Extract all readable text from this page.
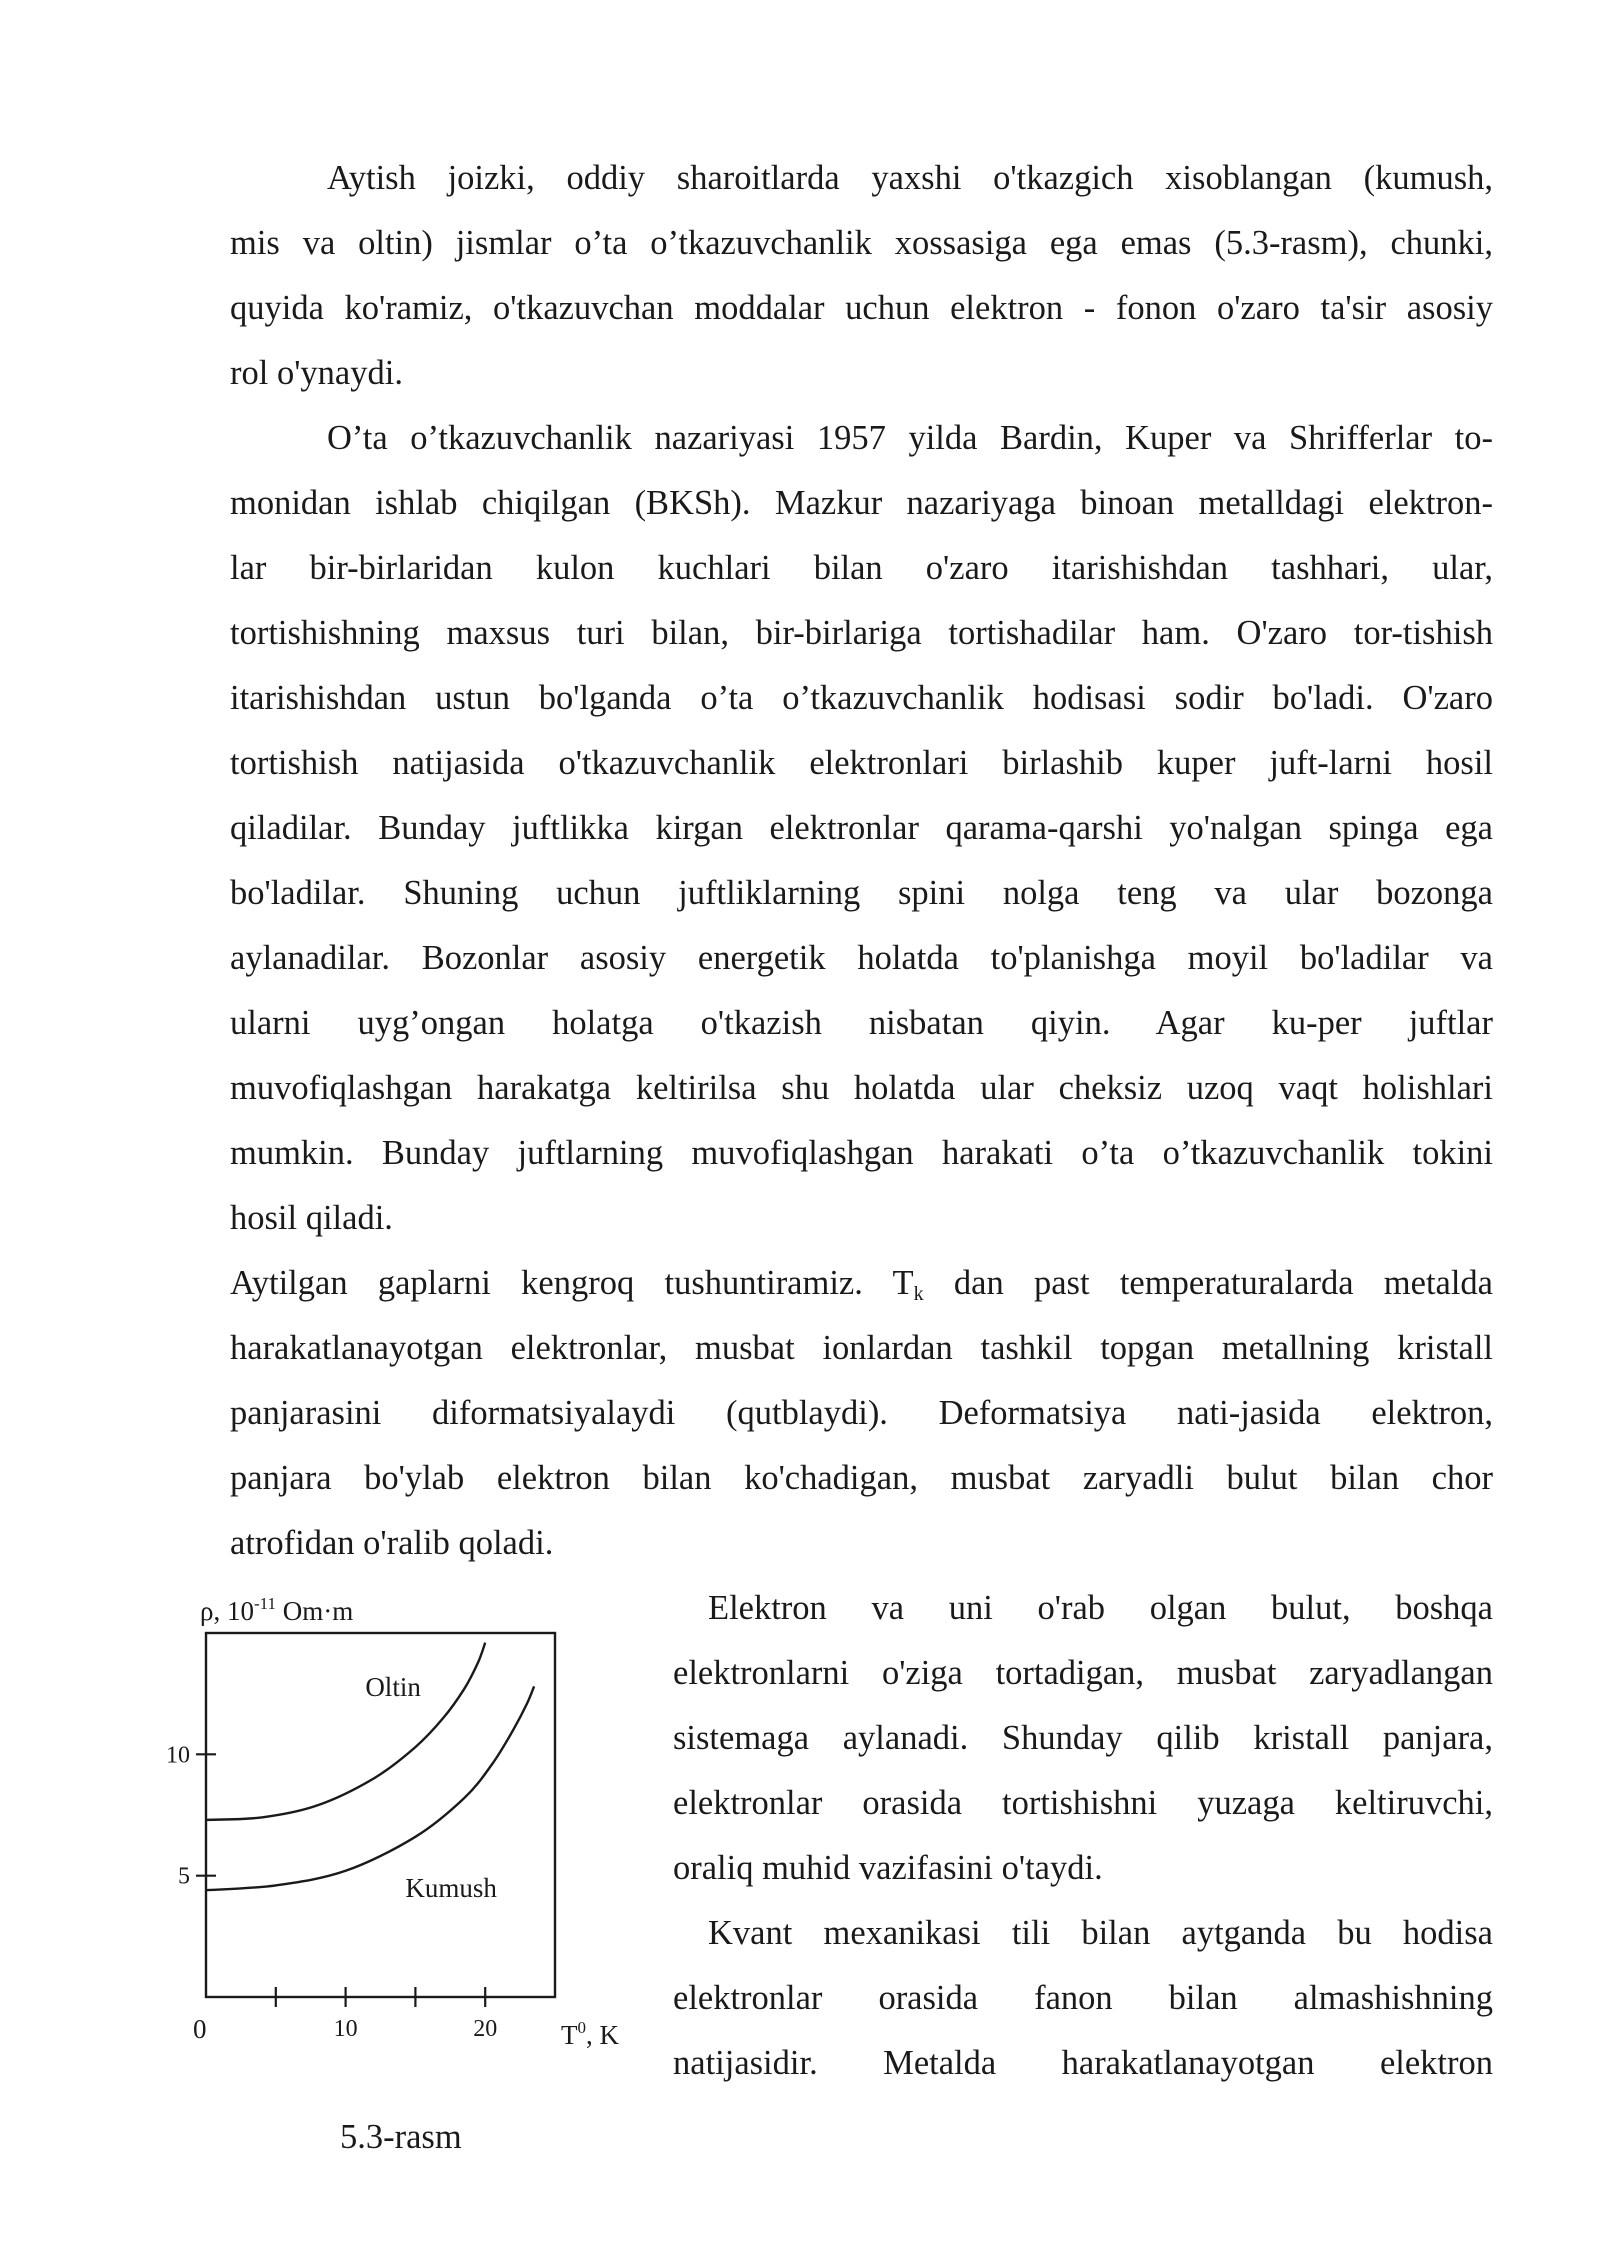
Aytish joizki, oddiy sharoitlarda yaxshi o'tkazgich xisoblangan (kumush,
mis va oltin) jismlar o’ta o’tkazuvchanlik xossasiga ega emas (5.3-rasm), chunki,
quyida ko'ramiz, o'tkazuvchan moddalar uchun elektron - fonon o'zaro ta'sir asosiy
rol o'ynaydi.
O’ta o’tkazuvchanlik nazariyasi 1957 yilda Bardin, Kuper va Shrifferlar to-
monidan ishlab chiqilgan (BKSh). Mazkur nazariyaga binoan metalldagi elektron-
lar bir-birlaridan kulon kuchlari bilan o'zaro itarishishdan tashhari, ular,
tortishishning maxsus turi bilan, bir-birlariga tortishadilar ham. O'zaro tor-tishish
itarishishdan ustun bo'lganda o’ta o’tkazuvchanlik hodisasi sodir bo'ladi. O'zaro
tortishish natijasida o'tkazuvchanlik elektronlari birlashib kuper juft-larni hosil
qiladilar. Bunday juftlikka kirgan elektronlar qarama-qarshi yo'nalgan spinga ega
bo'ladilar. Shuning uchun juftliklarning spini nolga teng va ular bozonga
aylanadilar. Bozonlar asosiy energetik holatda to'planishga moyil bo'ladilar va
ularni uyg’ongan holatga o'tkazish nisbatan qiyin. Agar ku-per juftlar
muvofiqlashgan harakatga keltirilsa shu holatda ular cheksiz uzoq vaqt holishlari
mumkin. Bunday juftlarning muvofiqlashgan harakati o’ta o’tkazuvchanlik tokini
hosil qiladi.
Aytilgan gaplarni kengroq tushuntiramiz. $T_k$ dan past temperaturalarda metalda
harakatlanayotgan elektronlar, musbat ionlardan tashkil topgan metallning kristall
panjarasini diformatsiyalaydi (qutblaydi). Deformatsiya nati-jasida elektron,
panjara bo'ylab elektron bilan ko'chadigan, musbat zaryadli bulut bilan chor
atrofidan o'ralib qoladi.
Elektron va uni o'rab olgan bulut, boshqa
elektronlarni o'ziga tortadigan, musbat zaryadlangan
sistemaga aylanadi. Shunday qilib kristall panjara,
elektronlar orasida tortishishni yuzaga keltiruvchi,
oraliq muhid vazifasini o'taydi.
Kvant mexanikasi tili bilan aytganda bu hodisa
elektronlar orasida fanon bilan almashishning
natijasidir. Metalda harakatlanayotgan elektron
ρ, $10^{-11}$ Om·m
10	20
5
10
Oltin
Kumush
0	$T^0$, K
5.3-rasm
